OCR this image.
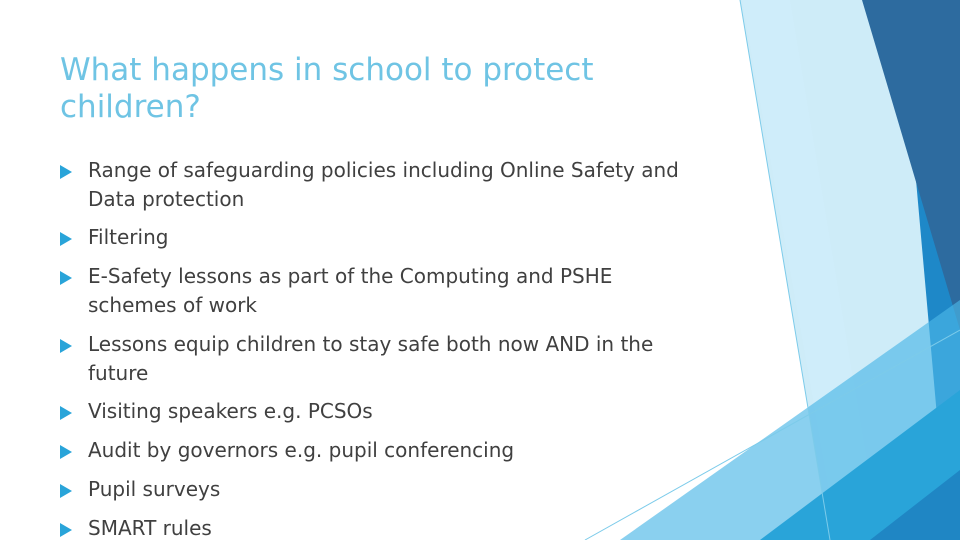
What happens in school to protect
children?
Range of safeguarding policies including Online Safety and
Data protection
Filtering
E-Safety lessons as part of the Computing and PSHE
schemes of work
Lessons equip children to stay safe both now AND in the
future
Visiting speakers e.g. PCSOs
Audit by governors e.g. pupil conferencing
Pupil surveys
SMART rules
